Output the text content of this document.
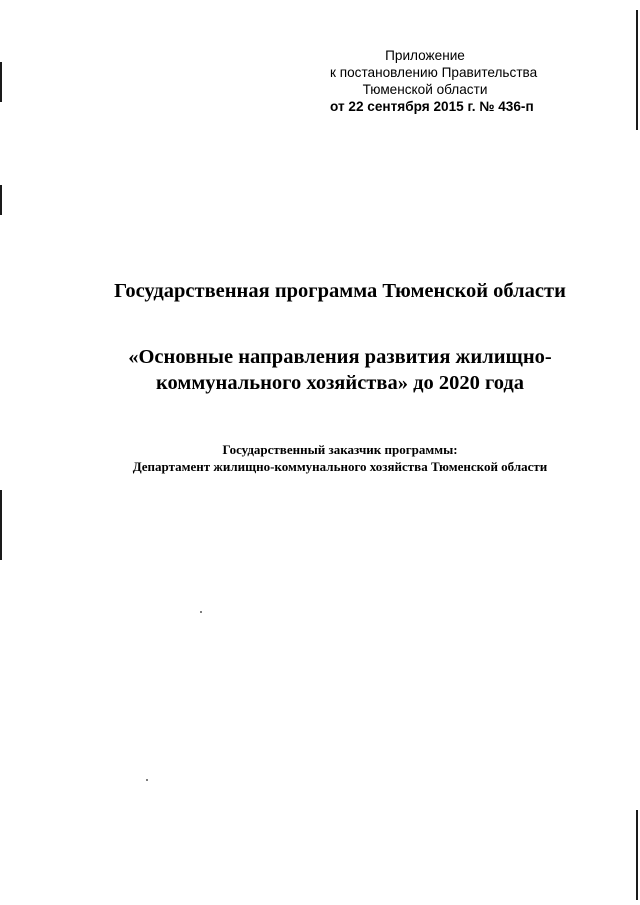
Приложение
к постановлению Правительства
Тюменской области
от 22 сентября 2015 г. № 436-п
Государственная программа Тюменской области
«Основные направления развития жилищно-
коммунального хозяйства» до 2020 года
Государственный заказчик программы:
Департамент жилищно-коммунального хозяйства Тюменской области
